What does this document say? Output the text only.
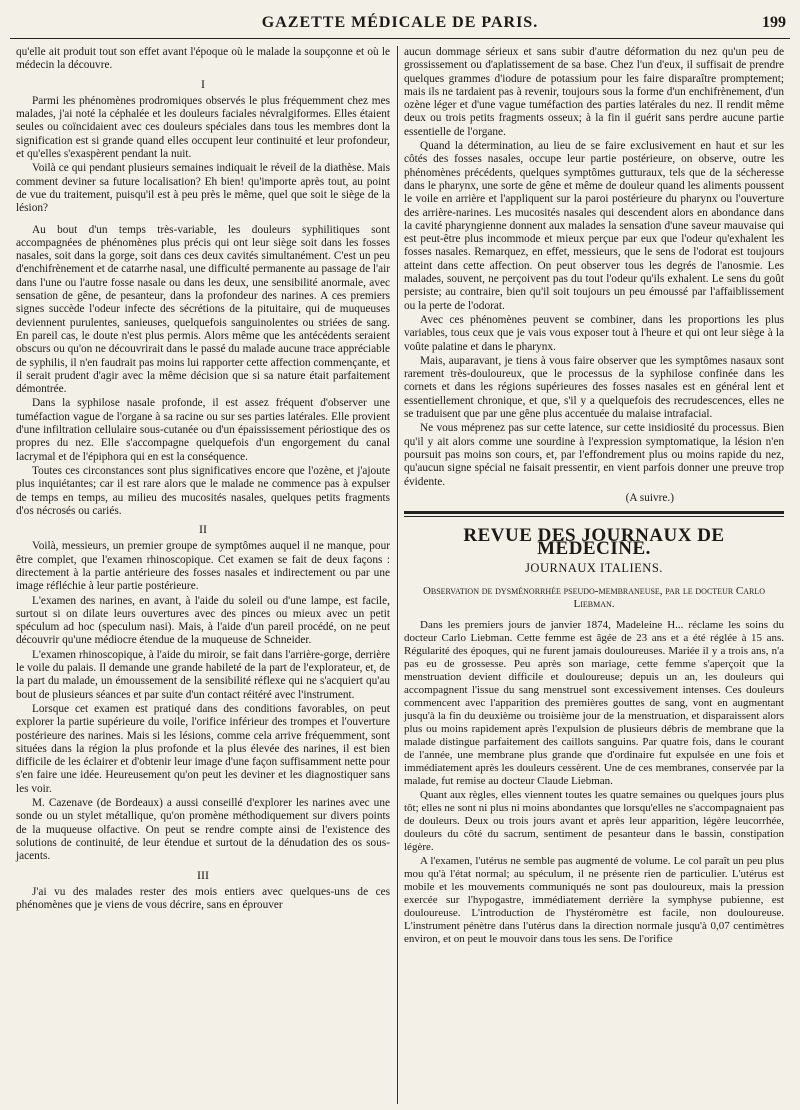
GAZETTE MÉDICALE DE PARIS.	199

qu'elle ait produit tout son effet avant l'époque où le malade la soupçonne et où le médecin la découvre.

I

Parmi les phénomènes prodromiques observés le plus fréquemment chez mes malades, j'ai noté la céphalée et les douleurs faciales névralgiformes. Elles étaient seules ou coïncidaient avec ces douleurs spéciales dans tous les membres dont la signification est si grande quand elles occupent leur continuité et leur profondeur, et qu'elles s'exaspèrent pendant la nuit.

Voilà ce qui pendant plusieurs semaines indiquait le réveil de la diathèse. Mais comment deviner sa future localisation? Eh bien! qu'importe après tout, au point de vue du traitement, puisqu'il est à peu près le même, quel que soit le siège de la lésion?

Au bout d'un temps très-variable, les douleurs syphilitiques sont accompagnées de phénomènes plus précis qui ont leur siège soit dans les fosses nasales, soit dans la gorge, soit dans ces deux cavités simultanément. C'est un peu d'enchifrènement et de catarrhe nasal, une difficulté permanente au passage de l'air dans l'une ou l'autre fosse nasale ou dans les deux, une sensibilité anormale, avec sensation de gêne, de pesanteur, dans la profondeur des narines. A ces premiers signes succède l'odeur infecte des sécrétions de la pituitaire, qui de muqueuses deviennent purulentes, sanieuses, quelquefois sanguinolentes ou striées de sang. En pareil cas, le doute n'est plus permis. Alors même que les antécédents seraient obscurs ou qu'on ne découvrirait dans le passé du malade aucune trace appréciable de syphilis, il n'en faudrait pas moins lui rapporter cette affection commençante, et il serait prudent d'agir avec la même décision que si sa nature était parfaitement démontrée.

Dans la syphilose nasale profonde, il est assez fréquent d'observer une tuméfaction vague de l'organe à sa racine ou sur ses parties latérales. Elle provient d'une infiltration cellulaire sous-cutanée ou d'un épaississement périostique des os propres du nez. Elle s'accompagne quelquefois d'un engorgement du canal lacrymal et de l'épiphora qui en est la conséquence.

Toutes ces circonstances sont plus significatives encore que l'ozène, et j'ajoute plus inquiétantes; car il est rare alors que le malade ne commence pas à expulser de temps en temps, au milieu des mucosités nasales, quelques petits fragments d'os nécrosés ou cariés.

II

Voilà, messieurs, un premier groupe de symptômes auquel il ne manque, pour être complet, que l'examen rhinoscopique. Cet examen se fait de deux façons : directement à la partie antérieure des fosses nasales et indirectement ou par une image réfléchie à leur partie postérieure.

L'examen des narines, en avant, à l'aide du soleil ou d'une lampe, est facile, surtout si on dilate leurs ouvertures avec des pinces ou mieux avec un petit spéculum ad hoc (speculum nasi). Mais, à l'aide d'un pareil procédé, on ne peut découvrir qu'une médiocre étendue de la muqueuse de Schneider.

L'examen rhinoscopique, à l'aide du miroir, se fait dans l'arrière-gorge, derrière le voile du palais. Il demande une grande habileté de la part de l'explorateur, et, de la part du malade, un émoussement de la sensibilité réflexe qui ne s'acquiert qu'au bout de plusieurs séances et par suite d'un contact réitéré avec l'instrument.

Lorsque cet examen est pratiqué dans des conditions favorables, on peut explorer la partie supérieure du voile, l'orifice inférieur des trompes et l'ouverture postérieure des narines. Mais si les lésions, comme cela arrive fréquemment, sont situées dans la région la plus profonde et la plus élevée des narines, il est bien difficile de les éclairer et d'obtenir leur image d'une façon suffisamment nette pour s'en faire une idée. Heureusement qu'on peut les deviner et les diagnostiquer sans les voir.

M. Cazenave (de Bordeaux) a aussi conseillé d'explorer les narines avec une sonde ou un stylet métallique, qu'on promène méthodiquement sur divers points de la muqueuse olfactive. On peut se rendre compte ainsi de l'existence des solutions de continuité, de leur étendue et surtout de la dénudation des os sous-jacents.

III

J'ai vu des malades rester des mois entiers avec quelques-uns de ces phénomènes que je viens de vous décrire, sans en éprouver

aucun dommage sérieux et sans subir d'autre déformation du nez qu'un peu de grossissement ou d'aplatissement de sa base. Chez l'un d'eux, il suffisait de prendre quelques grammes d'iodure de potassium pour les faire disparaître promptement; mais ils ne tardaient pas à revenir, toujours sous la forme d'un enchifrènement, d'un ozène léger et d'une vague tuméfaction des parties latérales du nez. Il rendit même deux ou trois petits fragments osseux; à la fin il guérit sans perdre aucune partie essentielle de l'organe.

Quand la détermination, au lieu de se faire exclusivement en haut et sur les côtés des fosses nasales, occupe leur partie postérieure, on observe, outre les phénomènes précédents, quelques symptômes gutturaux, tels que de la sécheresse dans le pharynx, une sorte de gêne et même de douleur quand les aliments poussent le voile en arrière et l'appliquent sur la paroi postérieure du pharynx ou l'ouverture des arrière-narines. Les mucosités nasales qui descendent alors en abondance dans la cavité pharyngienne donnent aux malades la sensation d'une saveur mauvaise qui est peut-être plus incommode et mieux perçue par eux que l'odeur qu'exhalent les fosses nasales. Remarquez, en effet, messieurs, que le sens de l'odorat est toujours atteint dans cette affection. On peut observer tous les degrés de l'anosmie. Les malades, souvent, ne perçoivent pas du tout l'odeur qu'ils exhalent. Le sens du goût persiste; au contraire, bien qu'il soit toujours un peu émoussé par l'affaiblissement ou la perte de l'odorat.

Avec ces phénomènes peuvent se combiner, dans les proportions les plus variables, tous ceux que je vais vous exposer tout à l'heure et qui ont leur siège à la voûte palatine et dans le pharynx.

Mais, auparavant, je tiens à vous faire observer que les symptômes nasaux sont rarement très-douloureux, que le processus de la syphilose confinée dans les cornets et dans les régions supérieures des fosses nasales est en général lent et essentiellement chronique, et que, s'il y a quelquefois des recrudescences, elles ne se traduisent que par une gêne plus accentuée du malaise intrafacial.

Ne vous méprenez pas sur cette latence, sur cette insidiosité du processus. Bien qu'il y ait alors comme une sourdine à l'expression symptomatique, la lésion n'en poursuit pas moins son cours, et, par l'effondrement plus ou moins rapide du nez, qu'aucun signe spécial ne faisait pressentir, en vient parfois donner une preuve trop évidente.

(A suivre.)
REVUE DES JOURNAUX DE MÉDECINE.
JOURNAUX ITALIENS.
Observation de dysménorrhée pseudo-membraneuse, par le docteur Carlo Liebman.

Dans les premiers jours de janvier 1874, Madeleine H... réclame les soins du docteur Carlo Liebman. Cette femme est âgée de 23 ans et a été réglée à 15 ans. Régularité des époques, qui ne furent jamais douloureuses. Mariée il y a trois ans, n'a pas eu de grossesse. Peu après son mariage, cette femme s'aperçoit que la menstruation devient difficile et douloureuse; depuis un an, les douleurs qui accompagnent l'issue du sang menstruel sont excessivement intenses. Ces douleurs commencent avec l'apparition des premières gouttes de sang, vont en augmentant jusqu'à la fin du deuxième ou troisième jour de la menstruation, et disparaissent alors plus ou moins rapidement après l'expulsion de plusieurs débris de membrane que la malade distingue parfaitement des caillots sanguins. Par quatre fois, dans le courant de l'année, une membrane plus grande que d'ordinaire fut expulsée en une fois et immédiatement après les douleurs cessèrent. Une de ces membranes, conservée par la malade, fut remise au docteur Claude Liebman.

Quant aux règles, elles viennent toutes les quatre semaines ou quelques jours plus tôt; elles ne sont ni plus ni moins abondantes que lorsqu'elles ne s'accompagnaient pas de douleurs. Deux ou trois jours avant et après leur apparition, légère leucorrhée, douleurs du côté du sacrum, sentiment de pesanteur dans le bassin, constipation légère.

A l'examen, l'utérus ne semble pas augmenté de volume. Le col paraît un peu plus mou qu'à l'état normal; au spéculum, il ne présente rien de particulier. L'utérus est mobile et les mouvements communiqués ne sont pas douloureux, mais la pression exercée sur l'hypogastre, immédiatement derrière la symphyse pubienne, est douloureuse. L'introduction de l'hystéromètre est facile, non douloureuse. L'instrument pénètre dans l'utérus dans la direction normale jusqu'à 0,07 centimètres environ, et on peut le mouvoir dans tous les sens. De l'orifice
